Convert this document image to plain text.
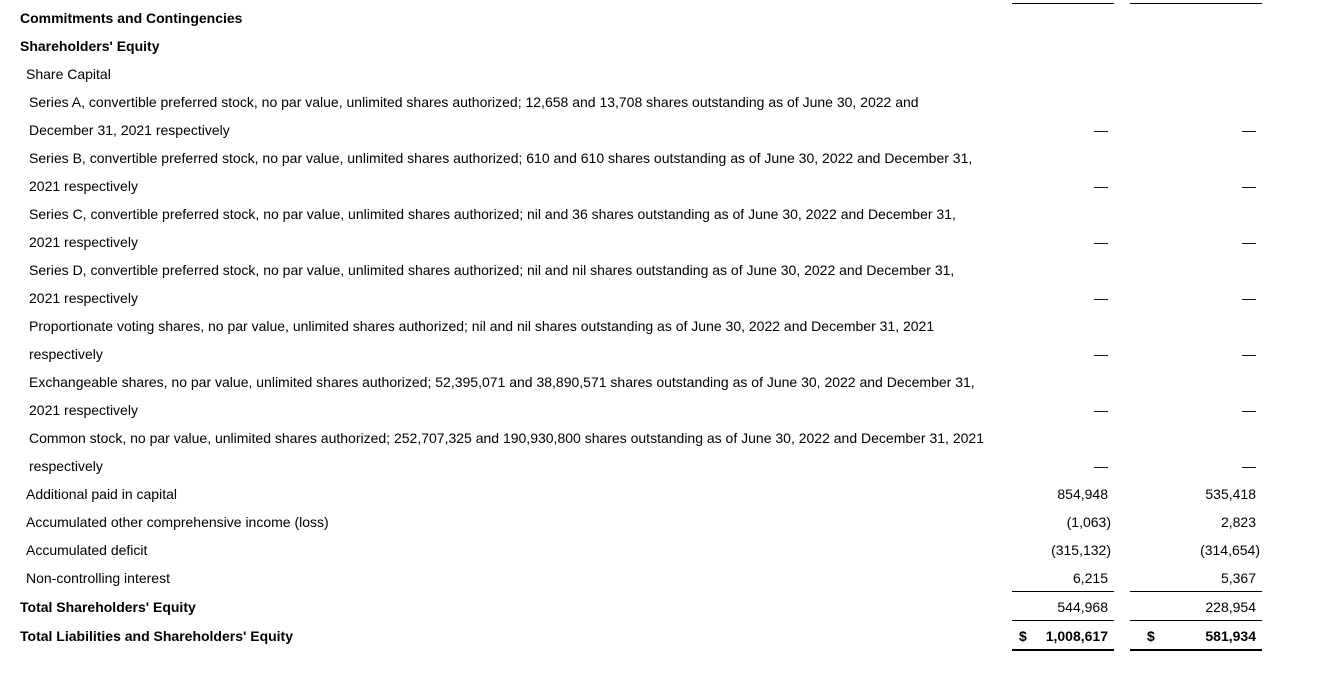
Commitments and Contingencies
Shareholders' Equity
Share Capital
Series A, convertible preferred stock, no par value, unlimited shares authorized; 12,658 and 13,708 shares outstanding as of June 30, 2022 and
December 31, 2021 respectively	—	—
Series B, convertible preferred stock, no par value, unlimited shares authorized; 610 and 610 shares outstanding as of June 30, 2022 and December 31,
2021 respectively	—	—
Series C, convertible preferred stock, no par value, unlimited shares authorized; nil and 36 shares outstanding as of June 30, 2022 and December 31,
2021 respectively	—	—
Series D, convertible preferred stock, no par value, unlimited shares authorized; nil and nil shares outstanding as of June 30, 2022 and December 31,
2021 respectively	—	—
Proportionate voting shares, no par value, unlimited shares authorized; nil and nil shares outstanding as of June 30, 2022 and December 31, 2021
respectively	—	—
Exchangeable shares, no par value, unlimited shares authorized; 52,395,071 and 38,890,571 shares outstanding as of June 30, 2022 and December 31,
2021 respectively	—	—
Common stock, no par value, unlimited shares authorized; 252,707,325 and 190,930,800 shares outstanding as of June 30, 2022 and December 31, 2021
respectively	—	—
Additional paid in capital	854,948	535,418
Accumulated other comprehensive income (loss)	(1,063)	2,823
Accumulated deficit	(315,132)	(314,654)
Non-controlling interest	6,215	5,367
Total Shareholders' Equity	544,968	228,954
Total Liabilities and Shareholders' Equity	$	1,008,617	$	581,934
